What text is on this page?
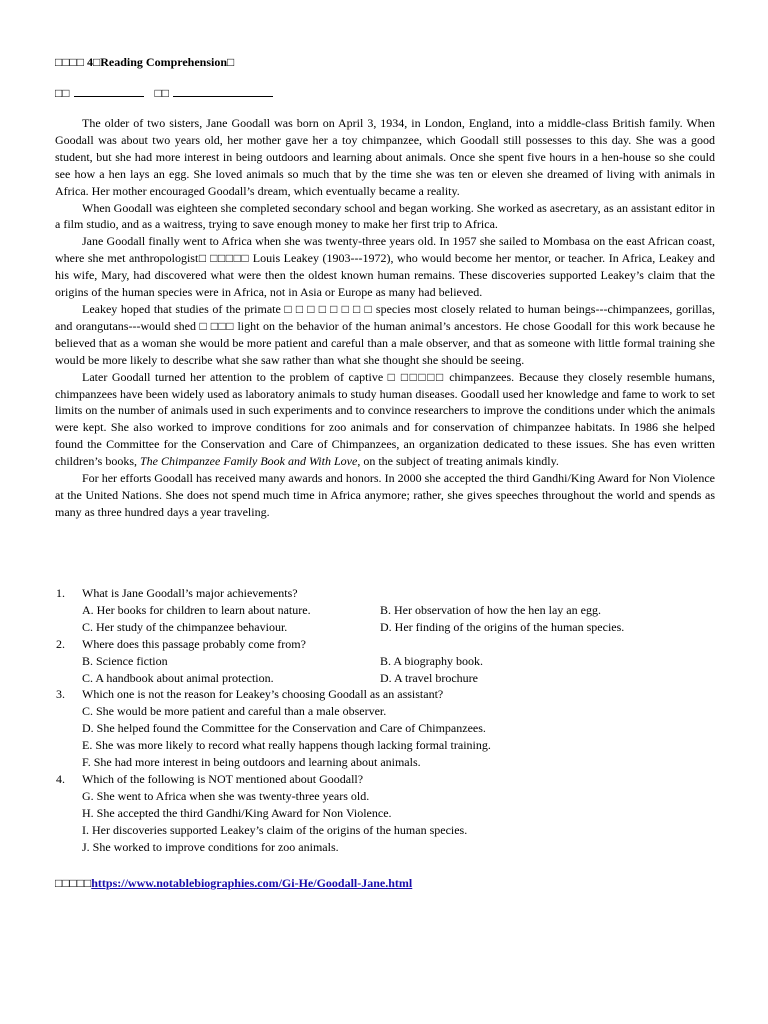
□□□□ 4□Reading Comprehension□
□□	□□

The older of two sisters, Jane Goodall was born on April 3, 1934, in London, England, into a middle-class British family. When Goodall was about two years old, her mother gave her a toy chimpanzee, which Goodall still possesses to this day. She was a good student, but she had more interest in being outdoors and learning about animals. Once she spent five hours in a hen-house so she could see how a hen lays an egg. She loved animals so much that by the time she was ten or eleven she dreamed of living with animals in Africa. Her mother encouraged Goodall’s dream, which eventually became a reality.

When Goodall was eighteen she completed secondary school and began working. She worked as asecretary, as an assistant editor in a film studio, and as a waitress, trying to save enough money to make her first trip to Africa.

Jane Goodall finally went to Africa when she was twenty-three years old. In 1957 she sailed to Mombasa on the east African coast, where she met anthropologist□ □□□□□ Louis Leakey (1903---1972), who would become her mentor, or teacher. In Africa, Leakey and his wife, Mary, had discovered what were then the oldest known human remains. These discoveries supported Leakey’s claim that the origins of the human species were in Africa, not in Asia or Europe as many had believed.

Leakey hoped that studies of the primate □ □ □ □ □ □ □ □ species most closely related to human beings---chimpanzees, gorillas, and orangutans---would shed □ □□□ light on the behavior of the human animal’s ancestors. He chose Goodall for this work because he believed that as a woman she would be more patient and careful than a male observer, and that as someone with little formal training she would be more likely to describe what she saw rather than what she thought she should be seeing.

Later Goodall turned her attention to the problem of captive □ □□□□□ chimpanzees. Because they closely resemble humans, chimpanzees have been widely used as laboratory animals to study human diseases. Goodall used her knowledge and fame to work to set limits on the number of animals used in such experiments and to convince researchers to improve the conditions under which the animals were kept. She also worked to improve conditions for zoo animals and for conservation of chimpanzee habitats. In 1986 she helped found the Committee for the Conservation and Care of Chimpanzees, an organization dedicated to these issues. She has even written children’s books, The Chimpanzee Family Book and With Love, on the subject of treating animals kindly.

For her efforts Goodall has received many awards and honors. In 2000 she accepted the third Gandhi/King Award for Non Violence at the United Nations. She does not spend much time in Africa anymore; rather, she gives speeches throughout the world and spends as many as three hundred days a year traveling.

1.	What is Jane Goodall’s major achievements?
A. Her books for children to learn about nature.	B. Her observation of how the hen lay an egg.
C. Her study of the chimpanzee behaviour.	D. Her finding of the origins of the human species.
2.	Where does this passage probably come from?
B. Science fiction	B. A biography book.
C. A handbook about animal protection.	D. A travel brochure
3.	Which one is not the reason for Leakey’s choosing Goodall as an assistant?
C. She would be more patient and careful than a male observer.
D. She helped found the Committee for the Conservation and Care of Chimpanzees.
E. She was more likely to record what really happens though lacking formal training.
F. She had more interest in being outdoors and learning about animals.
4.	Which of the following is NOT mentioned about Goodall?
G. She went to Africa when she was twenty-three years old.
H. She accepted the third Gandhi/King Award for Non Violence.
I. Her discoveries supported Leakey’s claim of the origins of the human species.
J. She worked to improve conditions for zoo animals.
□□□□□https://www.notablebiographies.com/Gi-He/Goodall-Jane.html
